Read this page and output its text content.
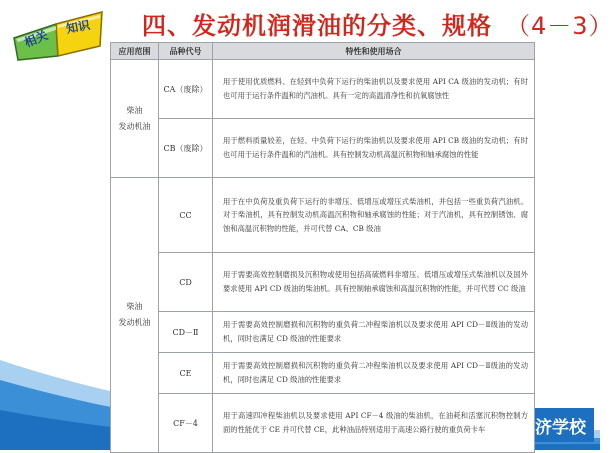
济学校
相关
知识 四、发动机润滑油的分类、规格 （4－3）
应用范围	品种代号	特性和使用场合
柴油
发动机油	CA（废除）	用于使用优质燃料、在轻到中负荷下运行的柴油机以及要求使用 API CA 级油的发动机；有时也可用于运行条件温和的汽油机。具有一定的高温清净性和抗氧腐蚀性
	CB（废除）	用于燃料质量较差，在轻、中负荷下运行的柴油机以及要求使用 API CB 级油的发动机；有时也可用于运行条件温和的汽油机。具有控制发动机高温沉积物和轴承腐蚀的性能
柴油
发动机油	CC	用于在中负荷及重负荷下运行的非增压、低增压或增压式柴油机，并包括一些重负荷汽油机。对于柴油机，具有控制发动机高温沉积物和轴承腐蚀的性能；对于汽油机，具有控制锈蚀、腐蚀和高温沉积物的性能，并可代替 CA、CB 级油
	CD	用于需要高效控制磨损及沉积物或使用包括高硫燃料非增压、低增压或增压式柴油机以及国外要求使用 API CD 级油的柴油机。具有控制轴承腐蚀和高温沉积物的性能，并可代替 CC 级油
	CD－Ⅱ	用于需要高效控制磨损和沉积物的重负荷二冲程柴油机以及要求使用 API CD－Ⅱ级油的发动机，同时也满足 CD 级油的性能要求
	CE	用于需要高效控制磨损和沉积物的重负荷二冲程柴油机以及要求使用 API CD－Ⅱ级油的发动机，同时也满足 CD 级油的性能要求
	CF－4	用于高速四冲程柴油机以及要求使用 API CF－4 级油的柴油机，在油耗和活塞沉积物控制方面的性能优于 CE 并可代替 CE，此种油品特别适用于高速公路行驶的重负荷卡车
